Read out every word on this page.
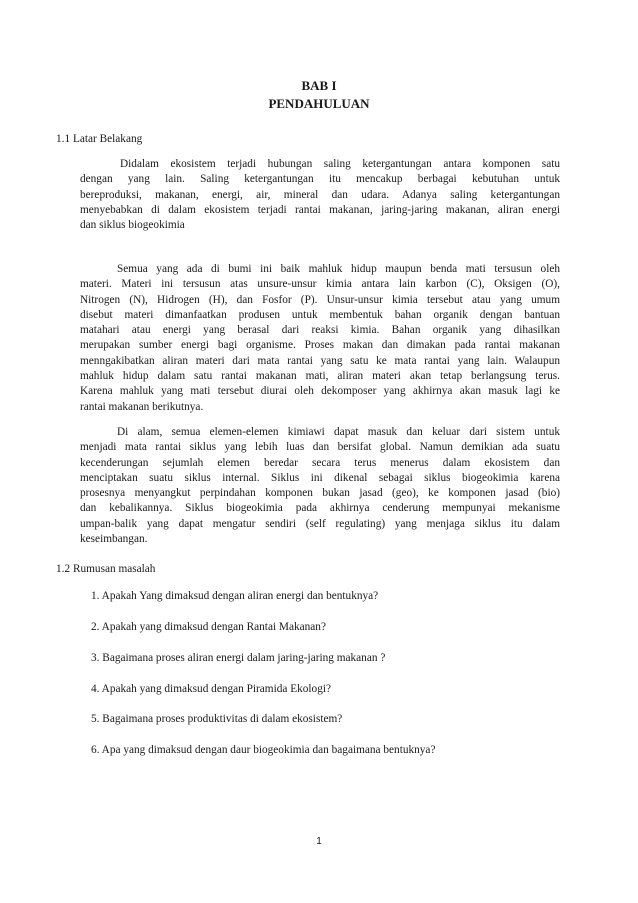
BAB I
PENDAHULUAN
1.1 Latar Belakang
Didalam ekosistem terjadi hubungan saling ketergantungan antara komponen satu
dengan yang lain. Saling ketergantungan itu mencakup berbagai kebutuhan untuk
bereproduksi, makanan, energi, air, mineral dan udara. Adanya saling ketergantungan
menyebabkan di dalam ekosistem terjadi rantai makanan, jaring-jaring makanan, aliran energi
dan siklus biogeokimia
Semua yang ada di bumi ini baik mahluk hidup maupun benda mati tersusun oleh
materi. Materi ini tersusun atas unsure-unsur kimia antara lain karbon (C), Oksigen (O),
Nitrogen (N), Hidrogen (H), dan Fosfor (P). Unsur-unsur kimia tersebut atau yang umum
disebut materi dimanfaatkan produsen untuk membentuk bahan organik dengan bantuan
matahari atau energi yang berasal dari reaksi kimia. Bahan organik yang dihasilkan
merupakan sumber energi bagi organisme. Proses makan dan dimakan pada rantai makanan
menngakibatkan aliran materi dari mata rantai yang satu ke mata rantai yang lain. Walaupun
mahluk hidup dalam satu rantai makanan mati, aliran materi akan tetap berlangsung terus.
Karena mahluk yang mati tersebut diurai oleh dekomposer yang akhirnya akan masuk lagi ke
rantai makanan berikutnya.
Di alam, semua elemen-elemen kimiawi dapat masuk dan keluar dari sistem untuk
menjadi mata rantai siklus yang lebih luas dan bersifat global. Namun demikian ada suatu
kecenderungan sejumlah elemen beredar secara terus menerus dalam ekosistem dan
menciptakan suatu siklus internal. Siklus ini dikenal sebagai siklus biogeokimia karena
prosesnya menyangkut perpindahan komponen bukan jasad (geo), ke komponen jasad (bio)
dan kebalikannya. Siklus biogeokimia pada akhirnya cenderung mempunyai mekanisme
umpan-balik yang dapat mengatur sendiri (self regulating) yang menjaga siklus itu dalam
keseimbangan.
1.2 Rumusan masalah
1. Apakah Yang dimaksud dengan aliran energi dan bentuknya?
2. Apakah yang dimaksud dengan Rantai Makanan?
3. Bagaimana proses aliran energi dalam jaring-jaring makanan ?
4. Apakah yang dimaksud dengan Piramida Ekologi?
5. Bagaimana proses produktivitas di dalam ekosistem?
6. Apa yang dimaksud dengan daur biogeokimia dan bagaimana bentuknya?
1
